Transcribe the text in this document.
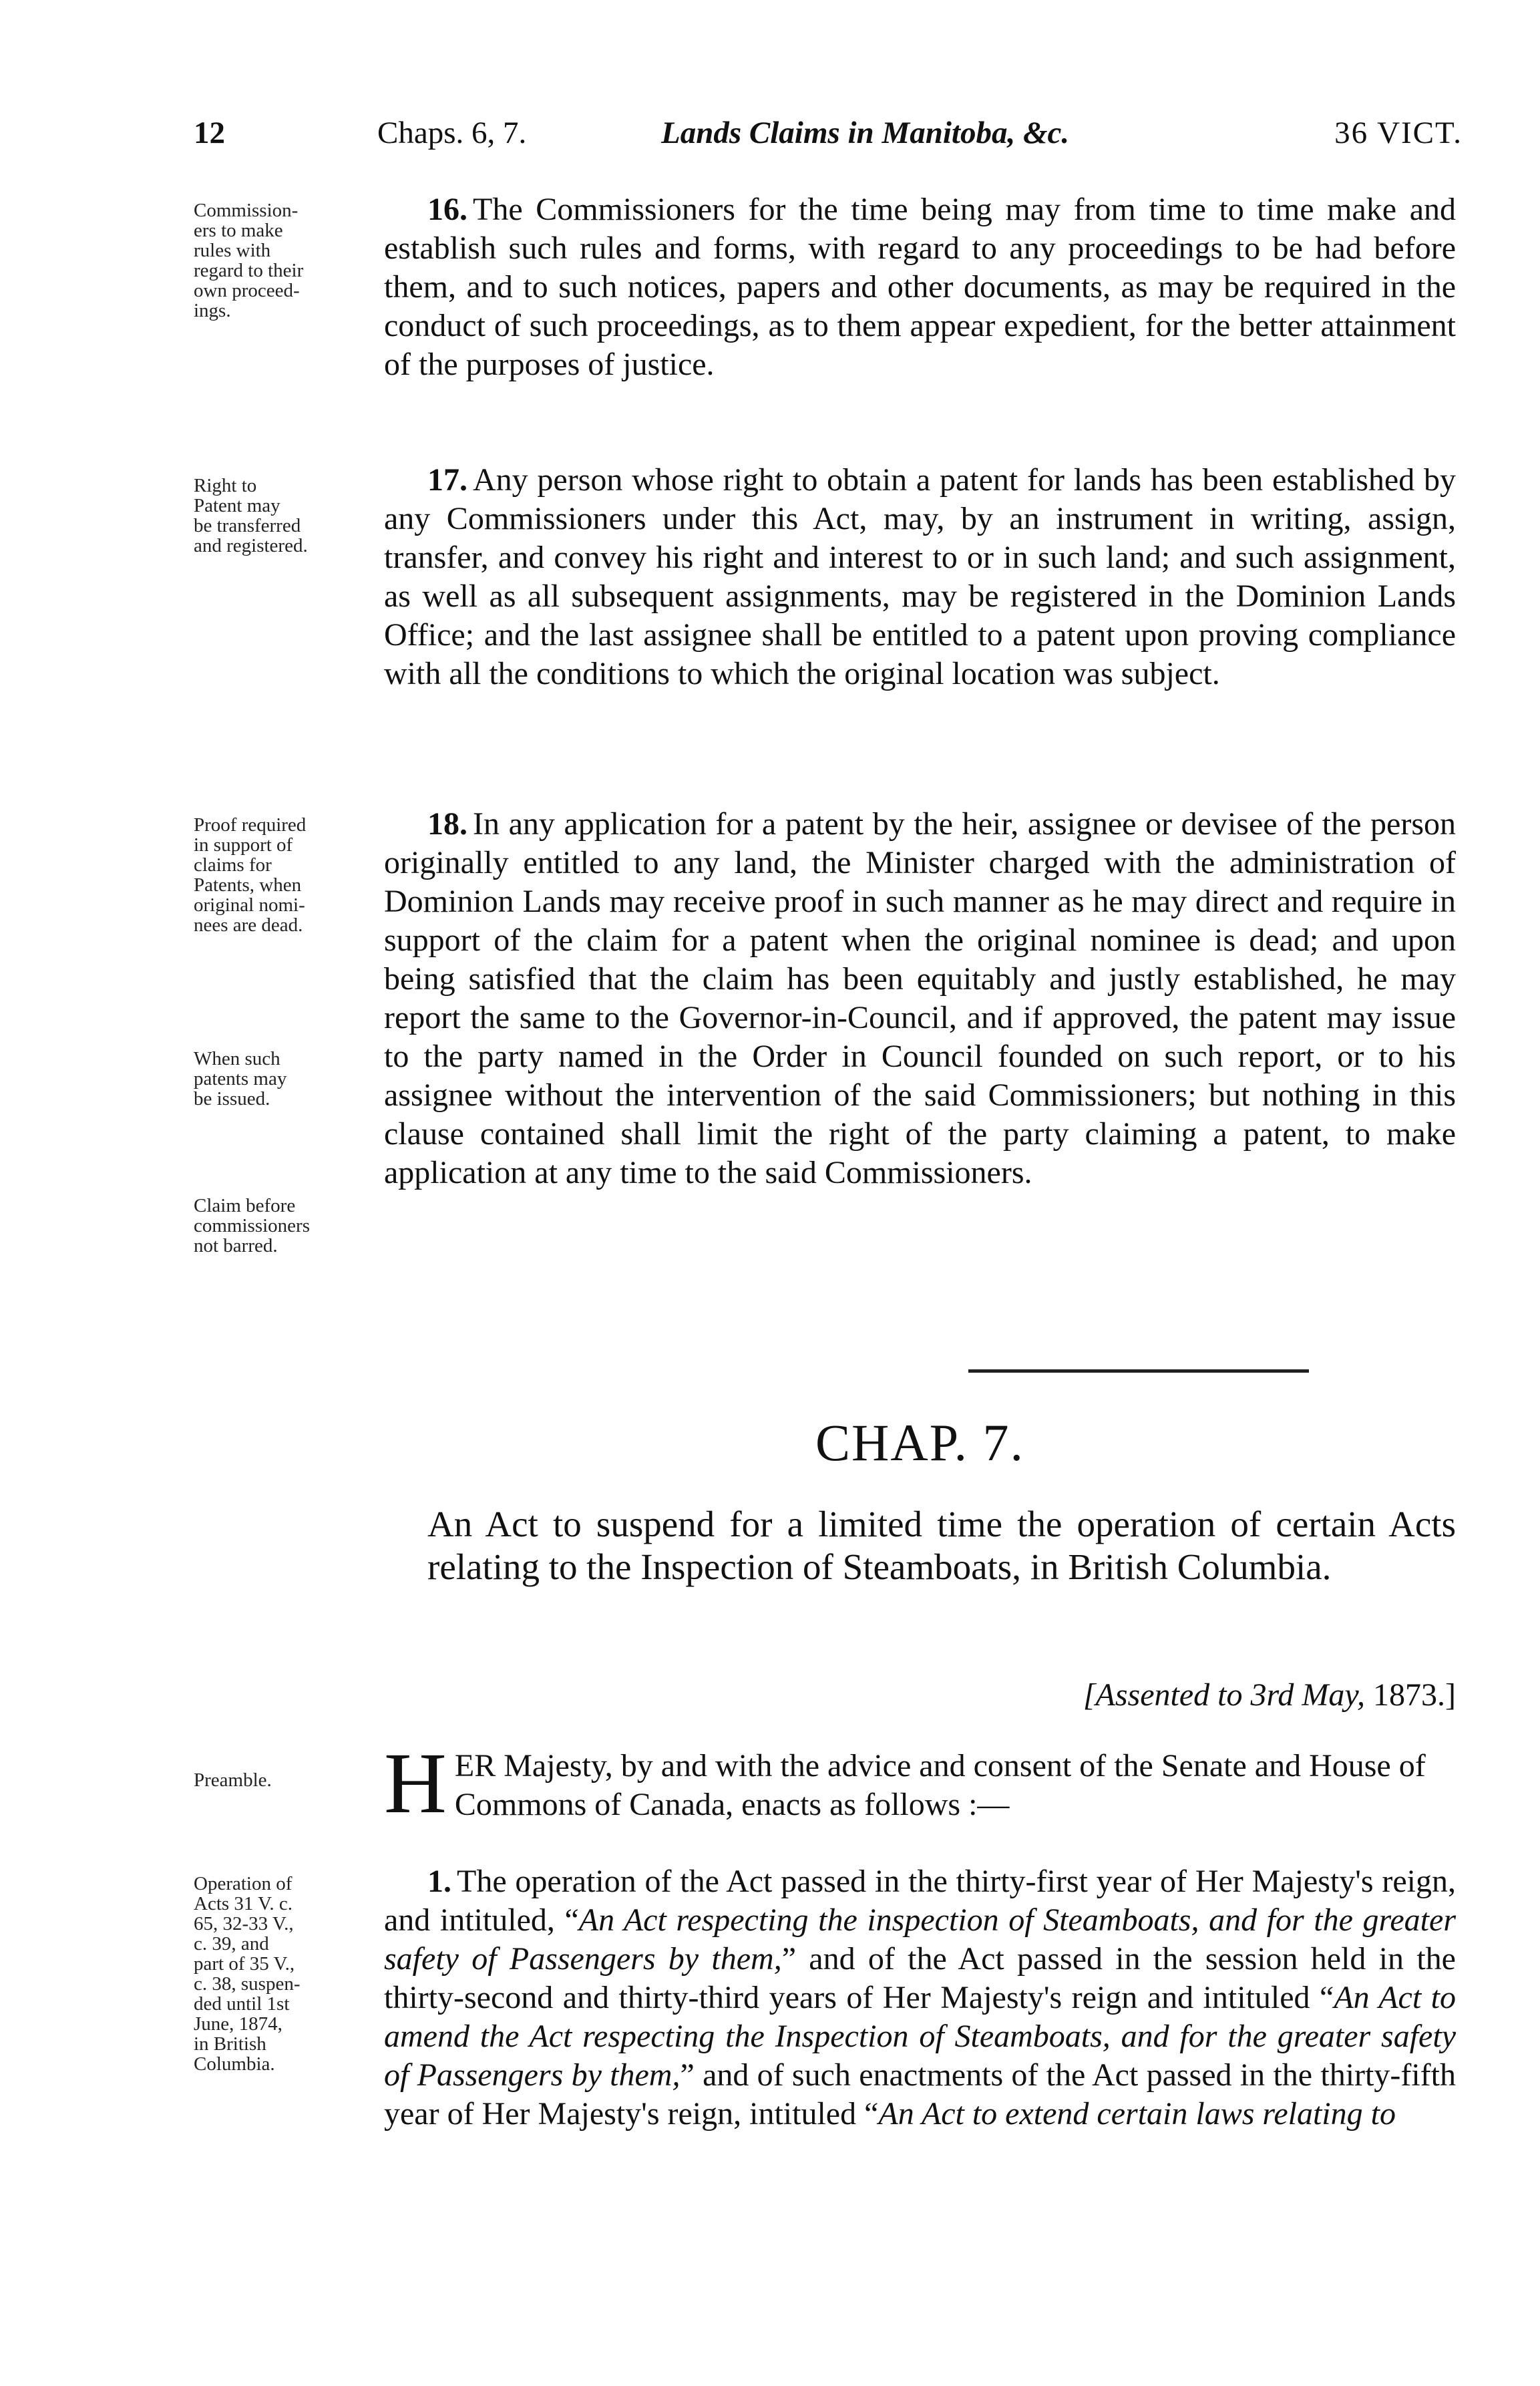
12	Chaps. 6, 7.	Lands Claims in Manitoba, &c.	36 VICT.
Commission-
ers to make
rules with
regard to their
own proceed-
ings.
16. The Commissioners for the time being may from time to time make and establish such rules and forms, with regard to any proceedings to be had before them, and to such notices, papers and other documents, as may be required in the conduct of such proceedings, as to them appear expedient, for the better attainment of the purposes of justice.
Right to
Patent may
be transferred
and registered.
17. Any person whose right to obtain a patent for lands has been established by any Commissioners under this Act, may, by an instrument in writing, assign, transfer, and convey his right and interest to or in such land; and such assignment, as well as all subsequent assignments, may be registered in the Dominion Lands Office; and the last assignee shall be entitled to a patent upon proving compliance with all the conditions to which the original location was subject.
Proof required
in support of
claims for
Patents, when
original nomi-
nees are dead.
When such
patents may
be issued.
Claim before
commissioners
not barred.
18. In any application for a patent by the heir, assignee or devisee of the person originally entitled to any land, the Minister charged with the administration of Dominion Lands may receive proof in such manner as he may direct and require in support of the claim for a patent when the original nominee is dead; and upon being satisfied that the claim has been equitably and justly established, he may report the same to the Governor-in-Council, and if approved, the patent may issue to the party named in the Order in Council founded on such report, or to his assignee without the intervention of the said Commissioners; but nothing in this clause contained shall limit the right of the party claiming a patent, to make application at any time to the said Commissioners.
CHAP. 7.
An Act to suspend for a limited time the operation of certain Acts relating to the Inspection of Steamboats, in British Columbia.
[Assented to 3rd May, 1873.]
Preamble.	HER Majesty, by and with the advice and consent of the Senate and House of Commons of Canada, enacts as follows :—
Operation of
Acts 31 V. c.
65, 32-33 V.,
c. 39, and
part of 35 V.,
c. 38, suspen-
ded until 1st
June, 1874,
in British
Columbia.
1. The operation of the Act passed in the thirty-first year of Her Majesty's reign, and intituled, “An Act respecting the inspection of Steamboats, and for the greater safety of Passengers by them,” and of the Act passed in the session held in the thirty-second and thirty-third years of Her Majesty's reign and intituled “An Act to amend the Act respecting the Inspection of Steamboats, and for the greater safety of Passengers by them,” and of such enactments of the Act passed in the thirty-fifth year of Her Majesty's reign, intituled “An Act to extend certain laws relating to
